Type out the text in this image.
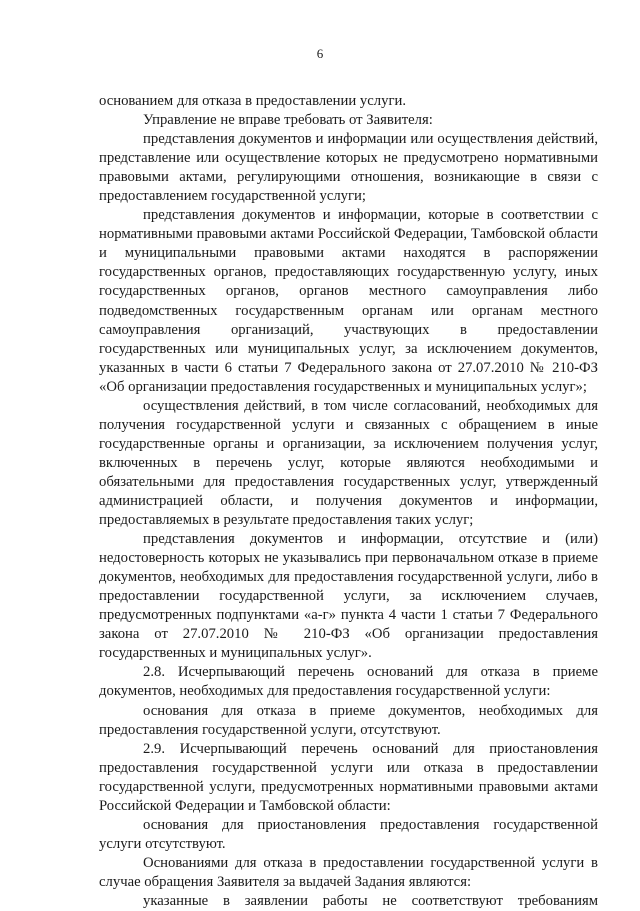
6

основанием для отказа в предоставлении услуги.

Управление не вправе требовать от Заявителя:

представления документов и информации или осуществления действий, представление или осуществление которых не предусмотрено нормативными правовыми актами, регулирующими отношения, возникающие в связи с предоставлением государственной услуги;

представления документов и информации, которые в соответствии с нормативными правовыми актами Российской Федерации, Тамбовской области и муниципальными правовыми актами находятся в распоряжении государственных органов, предоставляющих государственную услугу, иных государственных органов, органов местного самоуправления либо подведомственных государственным органам или органам местного самоуправления организаций, участвующих в предоставлении государственных или муниципальных услуг, за исключением документов, указанных в части 6 статьи 7 Федерального закона от 27.07.2010 № 210-ФЗ «Об организации предоставления государственных и муниципальных услуг»;

осуществления действий, в том числе согласований, необходимых для получения государственной услуги и связанных с обращением в иные государственные органы и организации, за исключением получения услуг, включенных в перечень услуг, которые являются необходимыми и обязательными для предоставления государственных услуг, утвержденный администрацией области, и получения документов и информации, предоставляемых в результате предоставления таких услуг;

представления документов и информации, отсутствие и (или) недостоверность которых не указывались при первоначальном отказе в приеме документов, необходимых для предоставления государственной услуги, либо в предоставлении государственной услуги, за исключением случаев, предусмотренных подпунктами «а-г» пункта 4 части 1 статьи 7 Федерального закона от 27.07.2010 № 210-ФЗ «Об организации предоставления государственных и муниципальных услуг».

2.8. Исчерпывающий перечень оснований для отказа в приеме документов, необходимых для предоставления государственной услуги:

основания для отказа в приеме документов, необходимых для предоставления государственной услуги, отсутствуют.

2.9. Исчерпывающий перечень оснований для приостановления предоставления государственной услуги или отказа в предоставлении государственной услуги, предусмотренных нормативными правовыми актами Российской Федерации и Тамбовской области:

основания для приостановления предоставления государственной услуги отсутствуют.

Основаниями для отказа в предоставлении государственной услуги в случае обращения Заявителя за выдачей Задания являются:

указанные в заявлении работы не соответствуют требованиям
